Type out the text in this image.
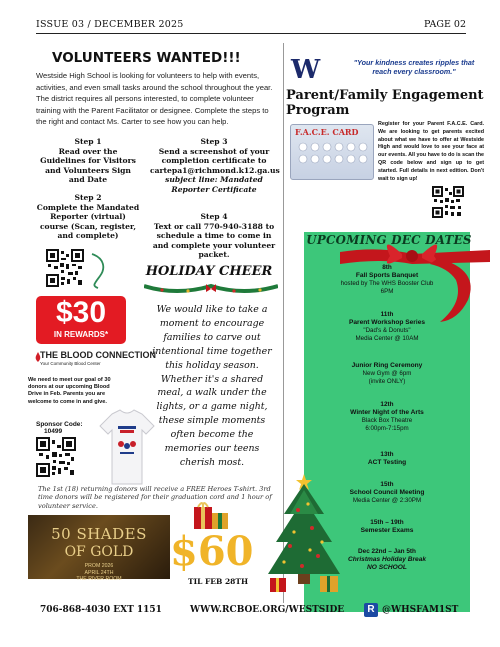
ISSUE 03 / DECEMBER 2025	PAGE 02
VOLUNTEERS WANTED!!!
Westside High School is looking for volunteers to help with events, activities, and even small tasks around the school throughout the year. The district requires all persons interested, to complete volunteer training with the Parent Facilitator or designee. Complete the steps to the right and contact Ms. Carter to see how you can help.
Step 1
Read over the Guidelines for Visitors and Volunteers Sign and Date
Step 2
Complete the Mandated Reporter (virtual) course (Scan, register, and complete)
Step 3
Send a screenshot of your completion certificate to cartepa1@richmond.k12.ga.us
subject line: Mandated Reporter Certificate
Step 4
Text or call 770-940-3188 to schedule a time to come in and complete your volunteer packet.
$30
IN REWARDS*
THE BLOOD CONNECTION
Your Community Blood Center
We need to meet our goal of 30 donors at our upcoming Blood Drive in Feb. Parents you are welcome to come in and give.
Sponsor Code:
10499
The 1st (18) returning donors will receive a FREE Heroes T-shirt. 3rd time donors will be registered for their graduation cord and 1 hour of volunteer service.
HOLIDAY CHEER
We would like to take a moment to encourage families to carve out intentional time together this holiday season. Whether it's a shared meal, a walk under the lights, or a game night, these simple moments often become the memories our teens cherish most.
50 SHADES
OF GOLD
PROM 2026
APRIL 24TH
THE RIVER ROOM
$60
TIL FEB 28TH
W	"Your kindness creates ripples that reach every classroom."
Parent/Family Engagement Program
F.A.C.E. CARD
Register for your Parent F.A.C.E. Card. We are looking to get parents excited about what we have to offer at Westside High and would love to see your face at our events. All you have to do is scan the QR code below and sign up to get started. Full details in next edition. Don't wait to sign up!
UPCOMING DEC DATES
8th
Fall Sports Banquet
hosted by The WHS Booster Club
6PM
11th
Parent Workshop Series
"Dad's & Donuts"
Media Center @ 10AM
Junior Ring Ceremony
New Gym @ 6pm
(invite ONLY)
12th
Winter Night of the Arts
Black Box Theatre
6:00pm-7:15pm
13th
ACT Testing
15th
School Council Meeting
Media Center @ 2:30PM
15th – 19th
Semester Exams
Dec 22nd – Jan 5th
Christmas Holiday Break
NO SCHOOL
706-868-4030 EXT 1151	WWW.RCBOE.ORG/WESTSIDE	R @WHSFAM1ST
